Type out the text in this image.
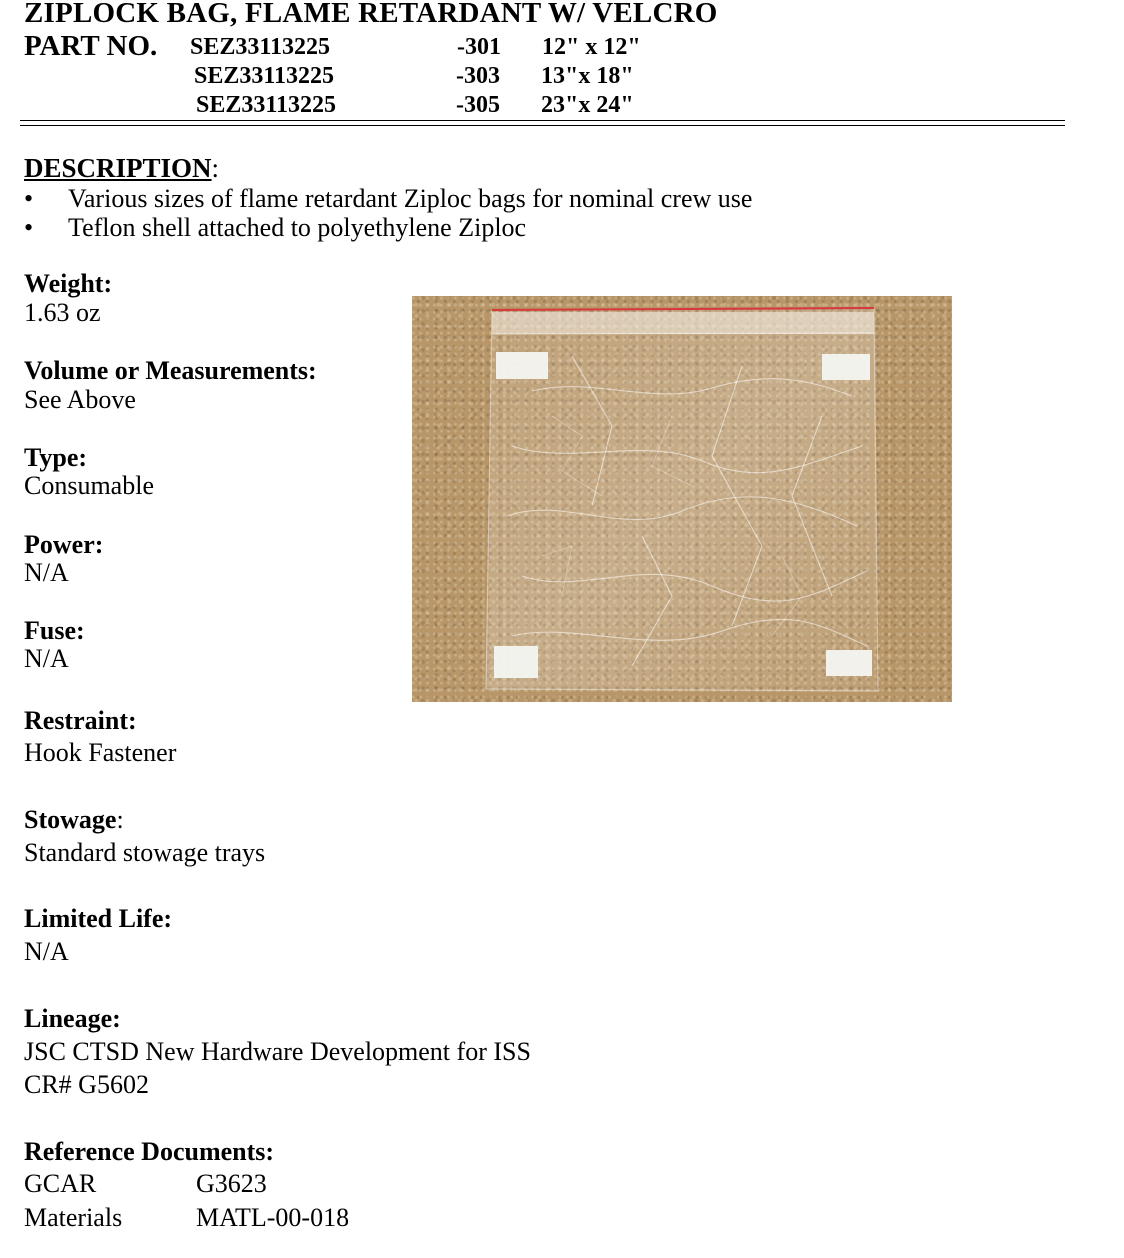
ZIPLOCK BAG, FLAME RETARDANT W/ VELCRO
PART NO. SEZ33113225	-301 12" x 12"
SEZ33113225	-303 13"x 18"
SEZ33113225	-305 23"x 24"
DESCRIPTION:
• Various sizes of flame retardant Ziploc bags for nominal crew use
• Teflon shell attached to polyethylene Ziploc
Weight:
1.63 oz
Volume or Measurements:
See Above
Type:
Consumable
Power:
N/A
Fuse:
N/A
Restraint:
Hook Fastener
Stowage:
Standard stowage trays
Limited Life:
N/A
Lineage:
JSC CTSD New Hardware Development for ISS
CR# G5602
Reference Documents:
GCAR	G3623
Materials	MATL-00-018
